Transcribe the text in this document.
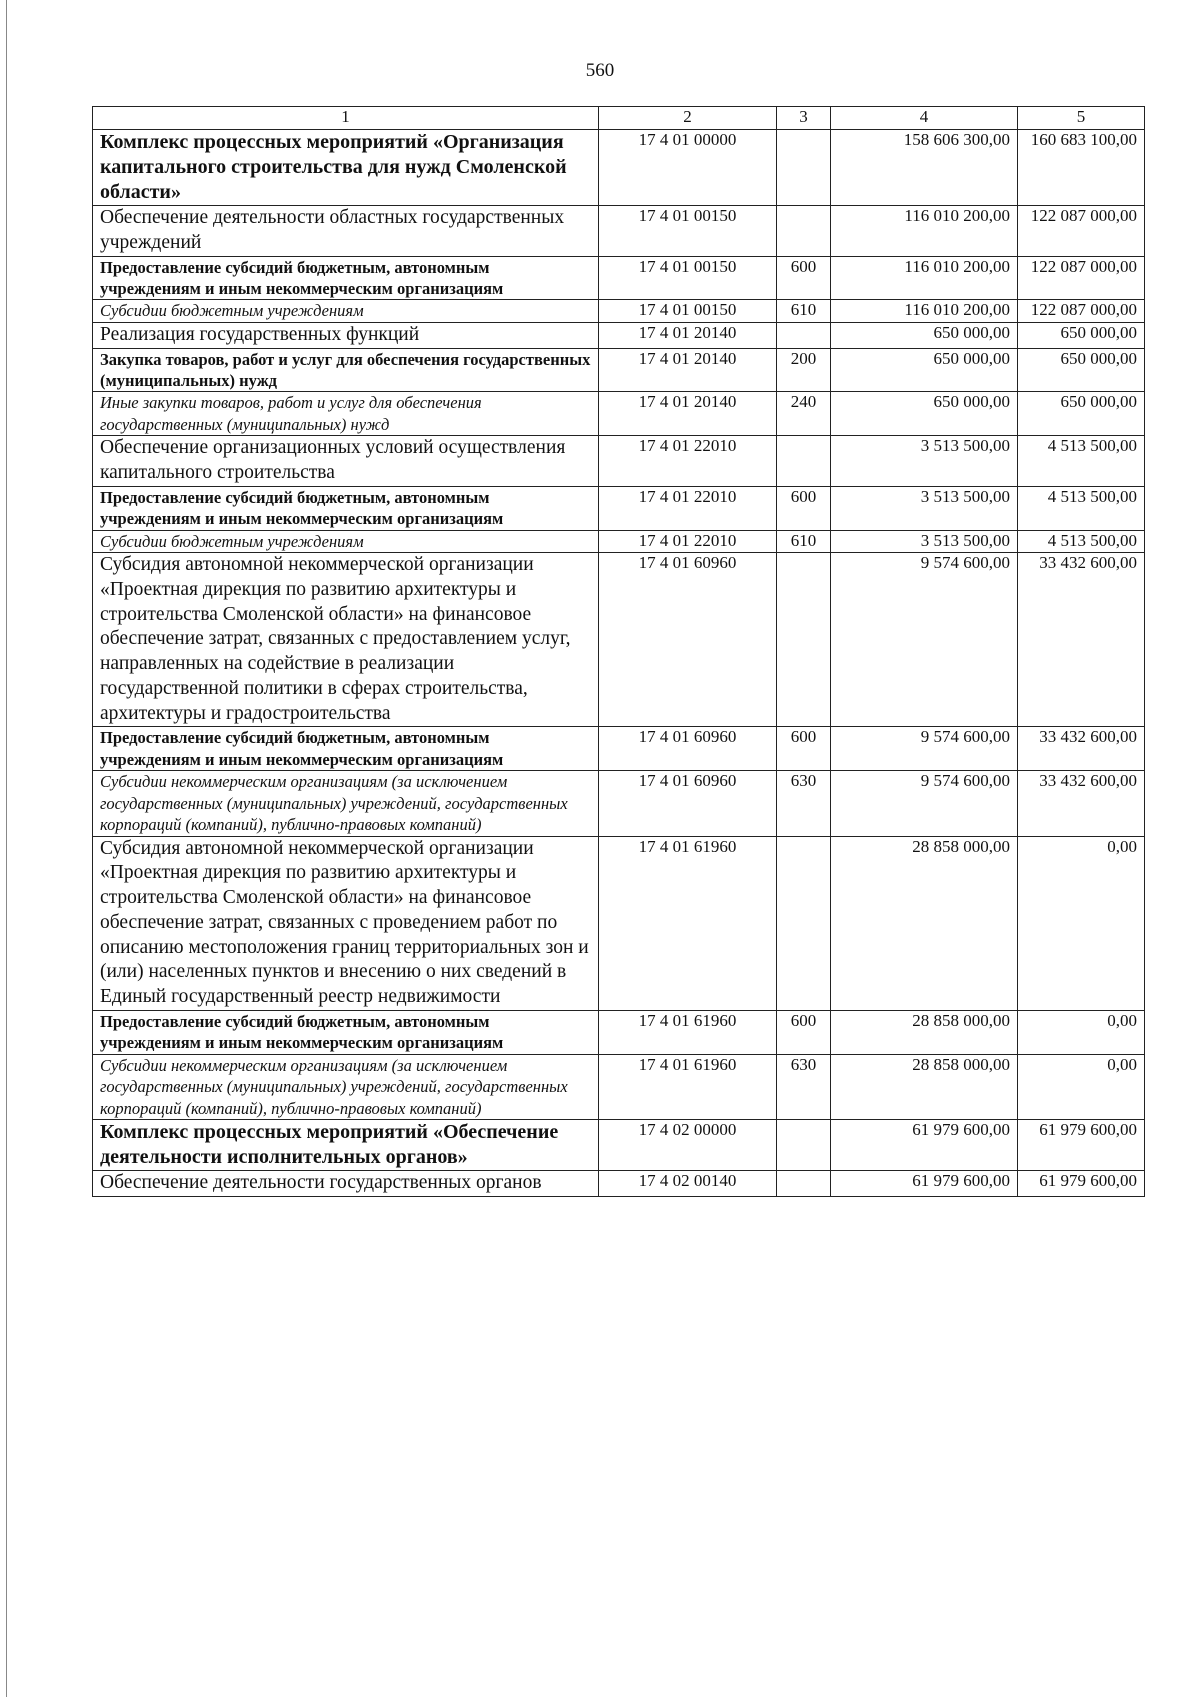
560
1	2	3	4	5
Комплекс процессных мероприятий «Организация капитального строительства для нужд Смоленской области»	17 4 01 00000		158 606 300,00	160 683 100,00
Обеспечение деятельности областных государственных учреждений	17 4 01 00150		116 010 200,00	122 087 000,00
Предоставление субсидий бюджетным, автономным учреждениям и иным некоммерческим организациям	17 4 01 00150	600	116 010 200,00	122 087 000,00
Субсидии бюджетным учреждениям	17 4 01 00150	610	116 010 200,00	122 087 000,00
Реализация государственных функций	17 4 01 20140		650 000,00	650 000,00
Закупка товаров, работ и услуг для обеспечения государственных (муниципальных) нужд	17 4 01 20140	200	650 000,00	650 000,00
Иные закупки товаров, работ и услуг для обеспечения государственных (муниципальных) нужд	17 4 01 20140	240	650 000,00	650 000,00
Обеспечение организационных условий осуществления капитального строительства	17 4 01 22010		3 513 500,00	4 513 500,00
Предоставление субсидий бюджетным, автономным учреждениям и иным некоммерческим организациям	17 4 01 22010	600	3 513 500,00	4 513 500,00
Субсидии бюджетным учреждениям	17 4 01 22010	610	3 513 500,00	4 513 500,00
Субсидия автономной некоммерческой организации «Проектная дирекция по развитию архитектуры и строительства Смоленской области» на финансовое обеспечение затрат, связанных с предоставлением услуг, направленных на содействие в реализации государственной политики в сферах строительства, архитектуры и градостроительства	17 4 01 60960		9 574 600,00	33 432 600,00
Предоставление субсидий бюджетным, автономным учреждениям и иным некоммерческим организациям	17 4 01 60960	600	9 574 600,00	33 432 600,00
Субсидии некоммерческим организациям (за исключением государственных (муниципальных) учреждений, государственных корпораций (компаний), публично-правовых компаний)	17 4 01 60960	630	9 574 600,00	33 432 600,00
Субсидия автономной некоммерческой организации «Проектная дирекция по развитию архитектуры и строительства Смоленской области» на финансовое обеспечение затрат, связанных с проведением работ по описанию местоположения границ территориальных зон и (или) населенных пунктов и внесению о них сведений в Единый государственный реестр недвижимости	17 4 01 61960		28 858 000,00	0,00
Предоставление субсидий бюджетным, автономным учреждениям и иным некоммерческим организациям	17 4 01 61960	600	28 858 000,00	0,00
Субсидии некоммерческим организациям (за исключением государственных (муниципальных) учреждений, государственных корпораций (компаний), публично-правовых компаний)	17 4 01 61960	630	28 858 000,00	0,00
Комплекс процессных мероприятий «Обеспечение деятельности исполнительных органов»	17 4 02 00000		61 979 600,00	61 979 600,00
Обеспечение деятельности государственных органов	17 4 02 00140		61 979 600,00	61 979 600,00
